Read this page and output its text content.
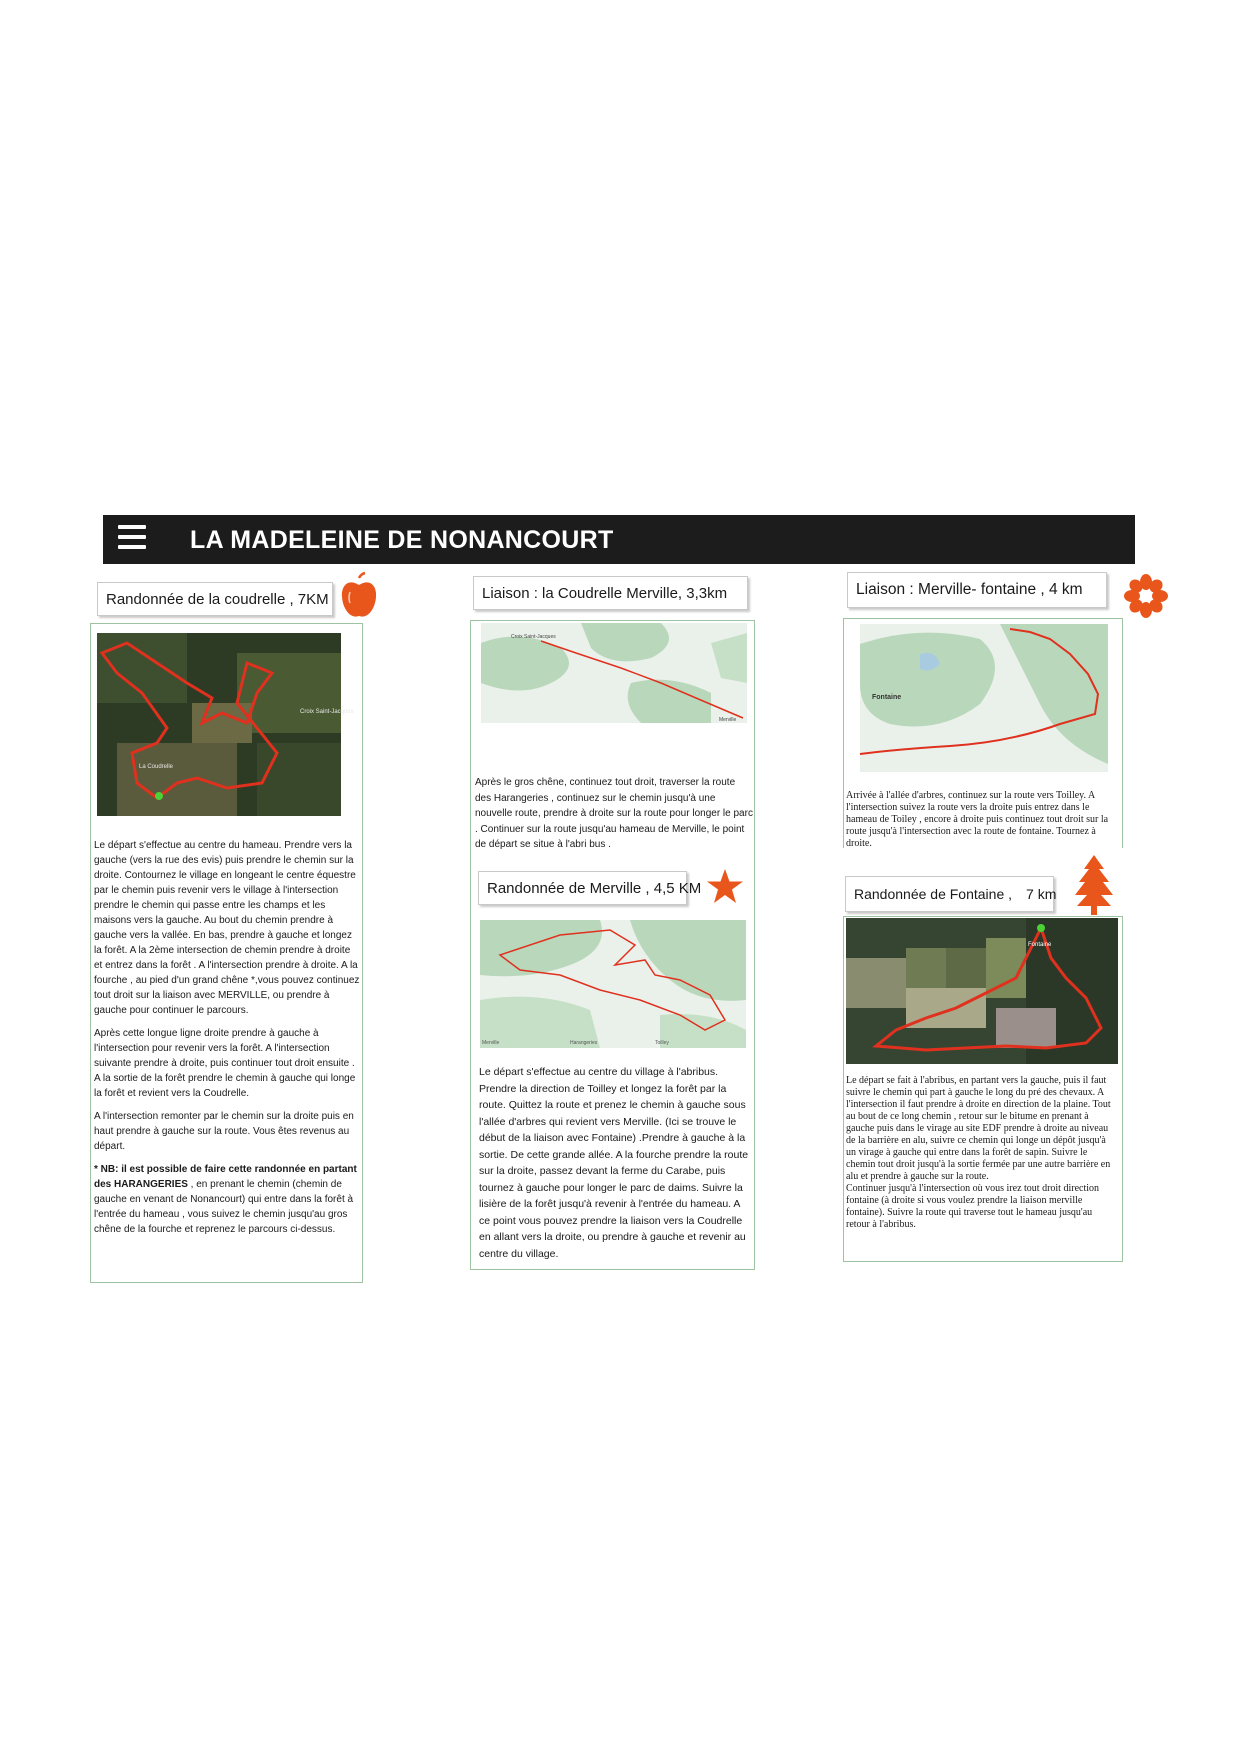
LA MADELEINE DE NONANCOURT
Randonnée de la coudrelle , 7KM
Croix Saint-Jacques
La Coudrelle

Le départ s'effectue au centre du hameau. Prendre vers la gauche (vers la rue des evis) puis prendre le chemin sur la droite. Contournez le village en longeant le centre équestre par le chemin puis revenir vers le village à l'intersection prendre le chemin qui passe entre les champs et les maisons vers la gauche. Au bout du chemin prendre à gauche vers la vallée. En bas, prendre à gauche et longez la forêt. A la 2ème intersection de chemin prendre à droite et entrez dans la forêt . A l'intersection prendre à droite. A la fourche , au pied d'un grand chêne *,vous pouvez continuez tout droit sur la liaison avec MERVILLE, ou prendre à gauche pour continuer le parcours.

Après cette longue ligne droite prendre à gauche à l'intersection pour revenir vers la forêt. A l'intersection suivante prendre à droite, puis continuer tout droit ensuite . A la sortie de la forêt prendre le chemin à gauche qui longe la forêt et revient vers la Coudrelle.

A l'intersection remonter par le chemin sur la droite puis en haut prendre à gauche sur la route. Vous êtes revenus au départ.

* NB: il est possible de faire cette randonnée en partant des HARANGERIES , en prenant le chemin (chemin de gauche en venant de Nonancourt) qui entre dans la forêt à l'entrée du hameau , vous suivez le chemin jusqu'au gros chêne de la fourche et reprenez le parcours ci-dessus.

Liaison : la Coudrelle Merville, 3,3km
Croix Saint-Jacques
Merville

Après le gros chêne, continuez tout droit, traverser la route des Harangeries , continuez sur le chemin jusqu'à une nouvelle route, prendre à droite sur la route pour longer le parc . Continuer sur la route jusqu'au hameau de Merville, le point de départ se situe à l'abri bus .

Randonnée de Merville , 4,5 KM
Merville	Harangeries	Toilley

Le départ s'effectue au centre du village à l'abribus. Prendre la direction de Toilley et longez la forêt par la route. Quittez la route et prenez le chemin à gauche sous l'allée d'arbres qui revient vers Merville. (Ici se trouve le début de la liaison avec Fontaine) .Prendre à gauche à la sortie. De cette grande allée. A la fourche prendre la route sur la droite, passez devant la ferme du Carabe, puis tournez à gauche pour longer le parc de daims. Suivre la lisière de la forêt jusqu'à revenir à l'entrée du hameau. A ce point vous pouvez prendre la liaison vers la Coudrelle en allant vers la droite, ou prendre à gauche et revenir au centre du village.

Liaison : Merville- fontaine , 4 km
Fontaine

Arrivée à l'allée d'arbres, continuez sur la route vers Toilley. A l'intersection suivez la route vers la droite puis entrez dans le hameau de Toiley , encore à droite puis continuez tout droit sur la route jusqu'à l'intersection avec la route de fontaine. Tournez à droite.

Randonnée de Fontaine , 7 km
Fontaine

Le départ se fait à l'abribus, en partant vers la gauche, puis il faut suivre le chemin qui part à gauche le long du pré des chevaux. A l'intersection il faut prendre à droite en direction de la plaine. Tout au bout de ce long chemin , retour sur le bitume en prenant à gauche puis dans le virage au site EDF prendre à droite au niveau de la barrière en alu, suivre ce chemin qui longe un dépôt jusqu'à un virage à gauche qui entre dans la forêt de sapin. Suivre le chemin tout droit jusqu'à la sortie fermée par une autre barrière en alu et prendre à gauche sur la route.

Continuer jusqu'à l'intersection où vous irez tout droit direction fontaine (à droite si vous voulez prendre la liaison merville fontaine). Suivre la route qui traverse tout le hameau jusqu'au retour à l'abribus.
